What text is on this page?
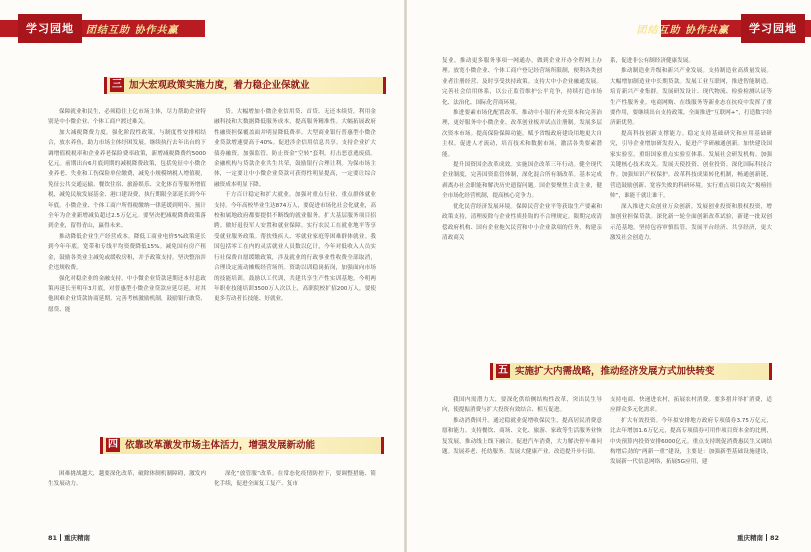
学习园地	团结互助 协作共赢
三 加大宏观政策实施力度，着力稳企业保就业

保障就业和民生，必须稳住上亿市场主体，尽力帮助企业特别是中小微企业、个体工商户渡过难关。

加大减税降费力度。强化阶段性政策，与制度性安排相结合，放水养鱼，助力市场主体纾困发展。继续执行去年出台的下调增值税税率和企业养老保险费率政策，新增减税降费约5000亿元。前期出台6月底到期的减税降费政策，包括免征中小微企业养老、失业和工伤保险单位缴费，减免小规模纳税人增值税，免征公共交通运输、餐饮住宿、旅游娱乐、文化体育等服务增值税，减免民航发展基金、港口建设费，执行期限全部延长到今年年底。小微企业、个体工商户所得税缴纳一律延缓到明年。预计全年为企业新增减负超过2.5万亿元。要坚决把减税降费政策落到企业，留得青山，赢得未来。

推动降低企业生产经营成本。降低工商业电价5%政策延长到今年年底。宽带和专线平均资费降低15%。减免国有房产租金，鼓励各类业主减免或缓收房租，并予政策支持。坚决整治涉企违规收费。

强化对稳企业的金融支持。中小微企业贷款延期还本付息政策再延长至明年3月底，对普惠型小微企业贷款应延尽延，对其他困难企业贷款协商延期。完善考核激励机制，鼓励银行敢贷、愿贷、能

贷。大幅增加小微企业信用贷、首贷、无还本续贷，利用金融科技和大数据降低服务成本，提高服务精准性。大幅拓展政府性融资担保覆盖面并明显降低费率。大型商业银行普惠型小微企业贷款增速要高于40%。促进涉企信用信息共享。支持企业扩大债券融资。加强监管，防止资金“空转”套利。打击恶意逃废债。金融机构与贷款企业共生共荣，鼓励银行合理让利。为保市场主体，一定要让中小微企业贷款可获得性明显提高，一定要让综合融资成本明显下降。

千方百计稳定和扩大就业。加强对重点行业、重点群体就业支持。今年高校毕业生达874万人，要促进市场化社会化就业，高校和属地政府都要提供不断线的就业服务。扩大基层服务项目招聘。做好退役军人安置和就业保障。实行农民工在就业地平等享受就业服务政策。帮扶残疾人、零就业家庭等困难群体就业。我国包括零工在内的灵活就业人员数以亿计，今年对低收入人员实行社保费自愿缓缴政策，涉及就业的行政事业性收费全部取消，合理设定流动摊贩经营场所。资助以训稳岗拓岗，加强面向市场的技能培训，鼓励以工代训，共建共享生产性实训基地。今明两年职业技能培训3500万人次以上，高职院校扩招200万人，要使更多劳动者长技能、好就业。

四 依靠改革激发市场主体活力，增强发展新动能

困难挑战越大，越要深化改革，破除体制机制障碍，激发内生发展动力。

深化“放管服”改革。在常态化疫情防控下，要调整措施、简化手续，促进全面复工复产、复市

81 重庆精南
学习园地
团结互助 协作共赢

复业。推动更多服务事项一网通办，做到企业开办全程网上办理。放宽小微企业、个体工商户登记经营场所限制，便利各类创业者注册经营、及时享受扶持政策。支持大中小企业融通发展。完善社会信用体系，以公正监管维护公平竞争，持续打造市场化、法治化、国际化营商环境。

推进要素市场化配置改革。推动中小银行补充资本和完善治理，更好服务中小微企业。改革创业板并试点注册制。发展多层次资本市场。提高保险保障功能。赋予省级政府建设用地更大自主权。促进人才流动，培育技术和数据市场，激活各类要素潜能。

提升国资国企改革成效。实施国企改革三年行动。健全现代企业制度，完善国资监管体制，深化混合所有制改革。基本完成剥离办社会职能和解决历史遗留问题。国企要聚焦主责主业，健全市场化经营机制，提高核心竞争力。

优化民营经济发展环境。保障民营企业平等获取生产要素和政策支持，清理废除与企业性质挂钩的不合理规定。限期完成清偿政府机构、国有企业拖欠民营和中小企业款项的任务，构建亲清政商关

系，促进非公有制经济健康发展。

推动制造业升级和新兴产业发展。支持制造业高质量发展。大幅增加制造业中长期贷款。发展工业互联网，推进智能制造。培育新兴产业集群。发展研发设计、现代物流、检验检测认证等生产性服务业。电商网购、在线服务等新业态在抗疫中发挥了重要作用，要继续出台支持政策，全面推进“互联网+”，打造数字经济新优势。

提高科技创新支撑能力。稳定支持基础研究和应用基础研究，引导企业增加研发投入，促进产学研融通创新。加快建设国家实验室，重组国家重点实验室体系。发展社会研发机构。加强关键核心技术攻关。发展天使投资、创业投资。深化国际科技合作。加强知识产权保护。改革科技成果转化机制，畅通创新链，营造鼓励创新、宽容失败的科研环境。实行重点项目攻关“揭榜挂帅”，谁能干就让谁干。

深入推进大众创业万众创新。发展创业投资和股权投资，增加创业担保贷款。深化新一轮全面创新改革试验，新建一批双创示范基地，坚持包容审慎监管，发展平台经济、共享经济，更大激发社会创造力。

五 实施扩大内需战略，推动经济发展方式加快转变

我国内需潜力大，要深化供给侧结构性改革，突出民生导向，使提振消费与扩大投资有效结合、相互促进。

推动消费回升。通过稳就业促增收保民生，提高居民消费意愿和能力。支持餐饮、商场、文化、旅游、家政等生活服务业恢复发展，推动线上线下融合。促进汽车消费，大力解决停车难问题。发展养老、托幼服务。发展大健康产业。改造提升步行街。

支持电商、快递进农村，拓展农村消费。要多措并举扩消费，适应群众多元化需求。

扩大有效投资。今年拟安排地方政府专项债券3.75万亿元，比去年增加1.6万亿元，提高专项债券可用作项目资本金的比例，中央预算内投资安排6000亿元。重点支持既促消费惠民生又调结构增后劲的“两新一重”建设，主要是：加强新型基础设施建设，发展新一代信息网络，拓展5G应用，建

重庆精南 82
